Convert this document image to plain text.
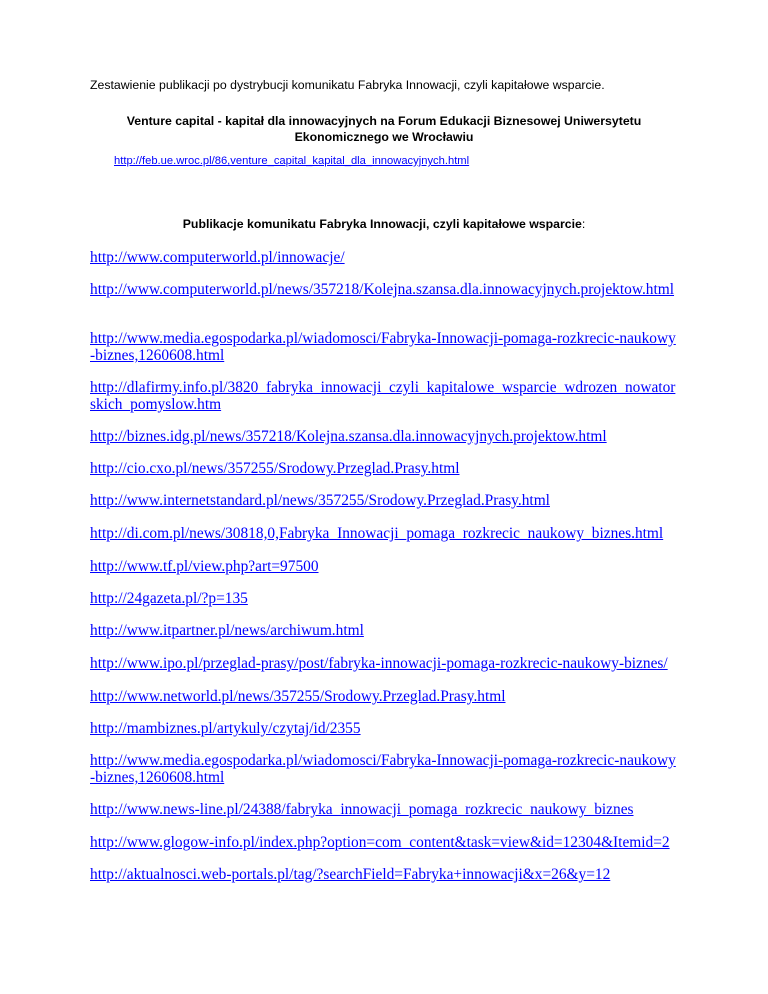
Zestawienie publikacji po dystrybucji komunikatu Fabryka Innowacji, czyli kapitałowe wsparcie.
Venture capital - kapitał dla innowacyjnych na Forum Edukacji Biznesowej Uniwersytetu
Ekonomicznego we Wrocławiu
http://feb.ue.wroc.pl/86,venture_capital_kapital_dla_innowacyjnych.html
Publikacje komunikatu Fabryka Innowacji, czyli kapitałowe wsparcie:
http://www.computerworld.pl/innowacje/
http://www.computerworld.pl/news/357218/Kolejna.szansa.dla.innowacyjnych.projektow.html
http://www.media.egospodarka.pl/wiadomosci/Fabryka-Innowacji-pomaga-rozkrecic-naukowy-biznes,1260608.html
http://dlafirmy.info.pl/3820_fabryka_innowacji_czyli_kapitalowe_wsparcie_wdrozen_nowatorskich_pomyslow.htm
http://biznes.idg.pl/news/357218/Kolejna.szansa.dla.innowacyjnych.projektow.html
http://cio.cxo.pl/news/357255/Srodowy.Przeglad.Prasy.html
http://www.internetstandard.pl/news/357255/Srodowy.Przeglad.Prasy.html
http://di.com.pl/news/30818,0,Fabryka_Innowacji_pomaga_rozkrecic_naukowy_biznes.html
http://www.tf.pl/view.php?art=97500
http://24gazeta.pl/?p=135
http://www.itpartner.pl/news/archiwum.html
http://www.ipo.pl/przeglad-prasy/post/fabryka-innowacji-pomaga-rozkrecic-naukowy-biznes/
http://www.networld.pl/news/357255/Srodowy.Przeglad.Prasy.html
http://mambiznes.pl/artykuly/czytaj/id/2355
http://www.media.egospodarka.pl/wiadomosci/Fabryka-Innowacji-pomaga-rozkrecic-naukowy-biznes,1260608.html
http://www.news-line.pl/24388/fabryka_innowacji_pomaga_rozkrecic_naukowy_biznes
http://www.glogow-info.pl/index.php?option=com_content&task=view&id=12304&Itemid=2
http://aktualnosci.web-portals.pl/tag/?searchField=Fabryka+innowacji&x=26&y=12
